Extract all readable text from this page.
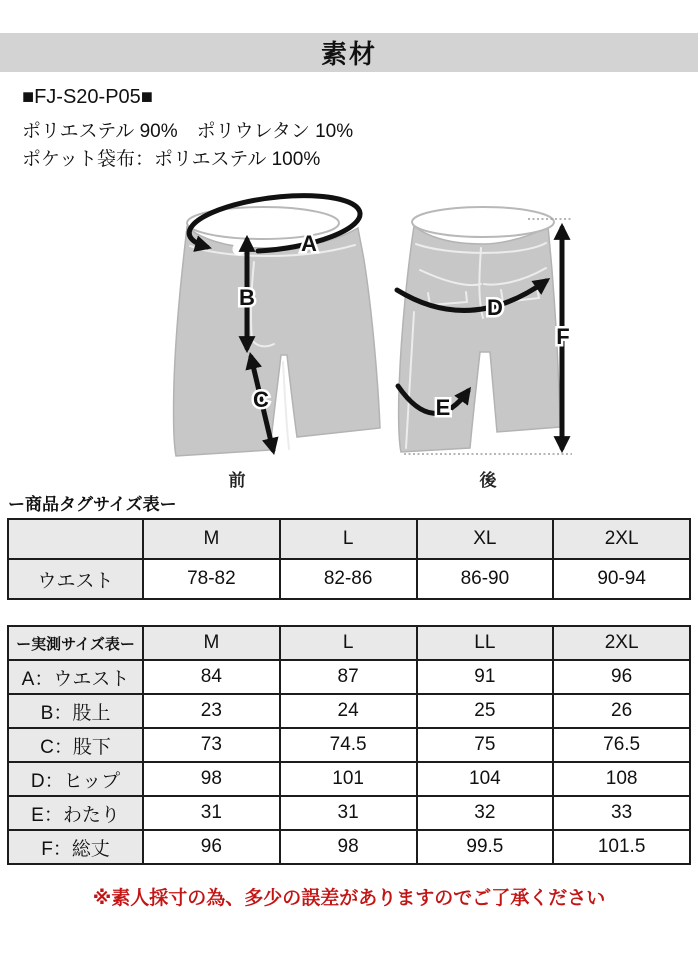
素材
■FJ-S20-P05■
ポリエステル 90%　ポリウレタン 10%
ポケット袋布：ポリエステル 100%
A
B
C
前
D
E
F
後
ー商品タグサイズ表ー
	M	L	XL	2XL
ウエスト	78-82	82-86	86-90	90-94
ー実測サイズ表ー	M	L	LL	2XL
A：ウエスト	84	87	91	96
B：股上	23	24	25	26
C：股下	73	74.5	75	76.5
D：ヒップ	98	101	104	108
E：わたり	31	31	32	33
F：総丈	96	98	99.5	101.5
※素人採寸の為、多少の誤差がありますのでご了承ください
